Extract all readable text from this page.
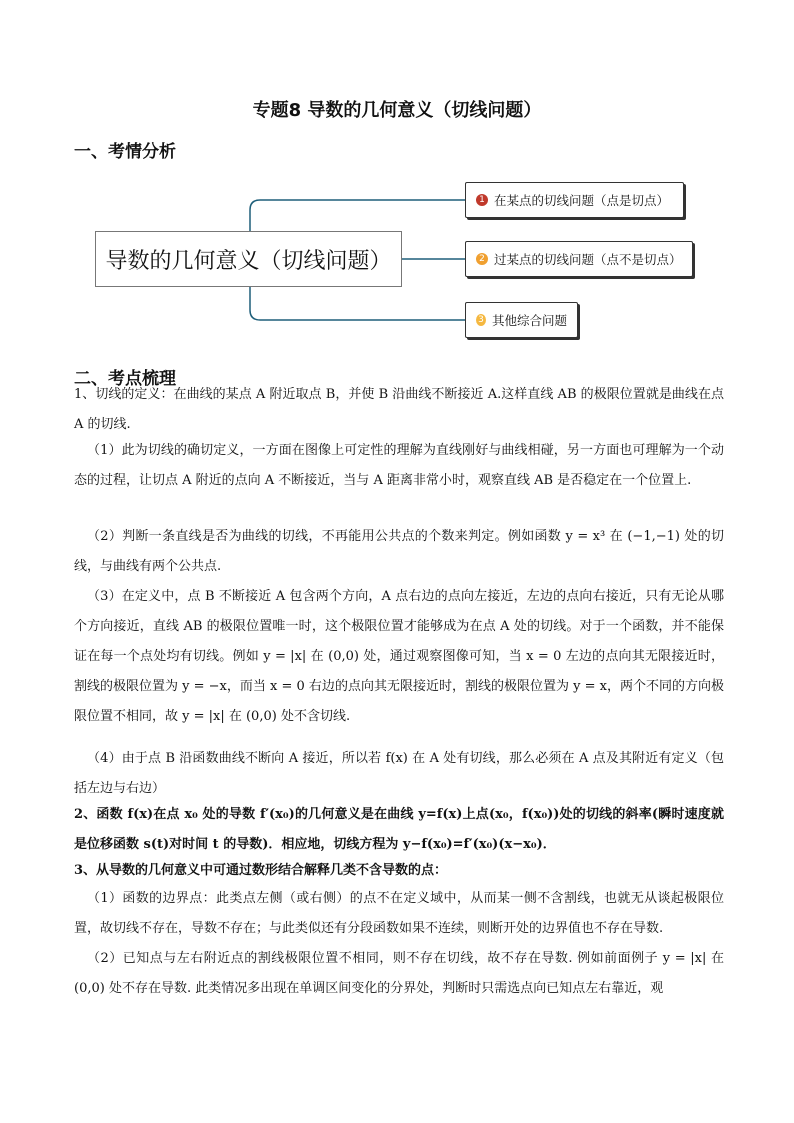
专题8 导数的几何意义（切线问题）
一、考情分析
导数的几何意义（切线问题）
1 在某点的切线问题（点是切点）
2 过某点的切线问题（点不是切点）
3 其他综合问题
二、考点梳理

1、切线的定义：在曲线的某点 A 附近取点 B，并使 B 沿曲线不断接近 A.这样直线 AB 的极限位置就是曲线在点 A 的切线.

（1）此为切线的确切定义，一方面在图像上可定性的理解为直线刚好与曲线相碰，另一方面也可理解为一个动态的过程，让切点 A 附近的点向 A 不断接近，当与 A 距离非常小时，观察直线 AB 是否稳定在一个位置上.

（2）判断一条直线是否为曲线的切线，不再能用公共点的个数来判定。例如函数 y = x³ 在 (−1,−1) 处的切线，与曲线有两个公共点.

（3）在定义中，点 B 不断接近 A 包含两个方向，A 点右边的点向左接近，左边的点向右接近，只有无论从哪个方向接近，直线 AB 的极限位置唯一时，这个极限位置才能够成为在点 A 处的切线。对于一个函数，并不能保证在每一个点处均有切线。例如 y = |x| 在 (0,0) 处，通过观察图像可知，当 x = 0 左边的点向其无限接近时，割线的极限位置为 y = −x，而当 x = 0 右边的点向其无限接近时，割线的极限位置为 y = x，两个不同的方向极限位置不相同，故 y = |x| 在 (0,0) 处不含切线.

（4）由于点 B 沿函数曲线不断向 A 接近，所以若 f(x) 在 A 处有切线，那么必须在 A 点及其附近有定义（包括左边与右边）

2、函数 f(x)在点 x₀ 处的导数 f′(x₀)的几何意义是在曲线 y=f(x)上点(x₀，f(x₀))处的切线的斜率(瞬时速度就是位移函数 s(t)对时间 t 的导数)．相应地，切线方程为 y−f(x₀)=f′(x₀)(x−x₀)．

3、从导数的几何意义中可通过数形结合解释几类不含导数的点：

（1）函数的边界点：此类点左侧（或右侧）的点不在定义域中，从而某一侧不含割线，也就无从谈起极限位置，故切线不存在，导数不存在；与此类似还有分段函数如果不连续，则断开处的边界值也不存在导数.

（2）已知点与左右附近点的割线极限位置不相同，则不存在切线，故不存在导数. 例如前面例子 y = |x| 在 (0,0) 处不存在导数. 此类情况多出现在单调区间变化的分界处，判断时只需选点向已知点左右靠近，观
